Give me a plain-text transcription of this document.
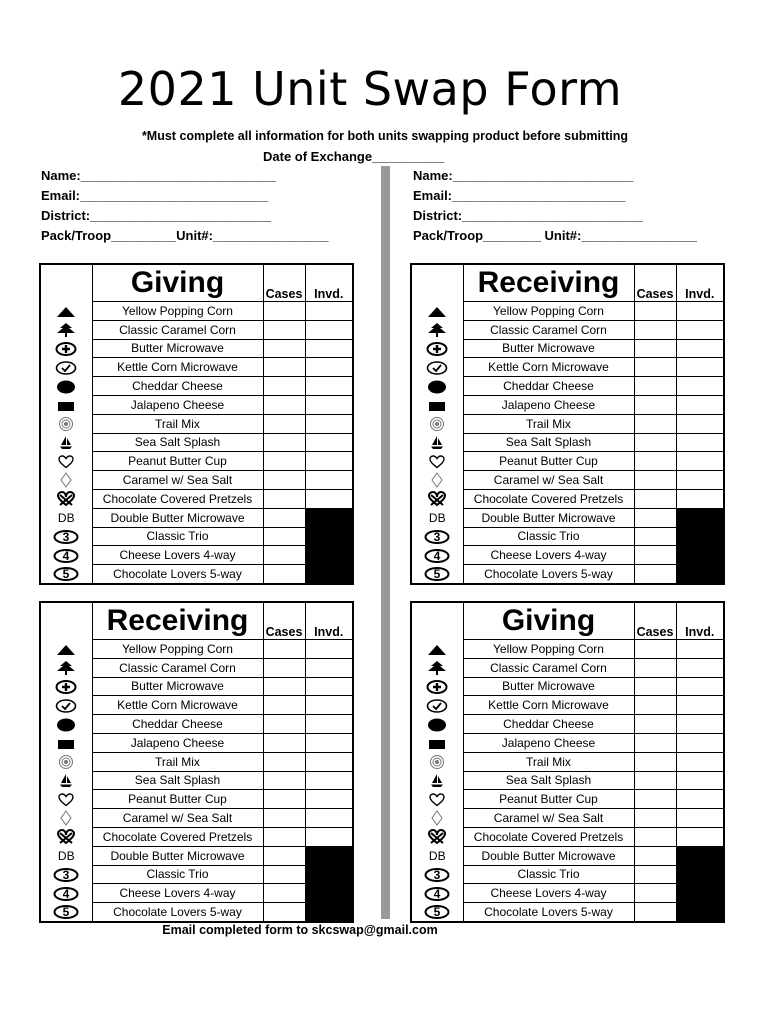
2021 Unit Swap Form
*Must complete all information for both units swapping product before submitting
Date of Exchange__________
Name:___________________________
Email:__________________________
District:_________________________
Pack/Troop_________Unit#:________________
Name:_________________________
Email:________________________
District:_________________________
Pack/Troop________ Unit#:________________
	Giving	Cases	Invd.
	Yellow Popping Corn		
	Classic Caramel Corn		
	Butter Microwave		
	Kettle Corn Microwave		
	Cheddar Cheese		
	Jalapeno Cheese		
	Trail Mix		
	Sea Salt Splash		
	Peanut Butter Cup		
	Caramel w/ Sea Salt		
	Chocolate Covered Pretzels		
DB	Double Butter Microwave		

3	Classic Trio		

4	Cheese Lovers 4-way		

5	Chocolate Lovers 5-way		
	Receiving	Cases	Invd.
	Yellow Popping Corn		
	Classic Caramel Corn		
	Butter Microwave		
	Kettle Corn Microwave		
	Cheddar Cheese		
	Jalapeno Cheese		
	Trail Mix		
	Sea Salt Splash		
	Peanut Butter Cup		
	Caramel w/ Sea Salt		
	Chocolate Covered Pretzels		
DB	Double Butter Microwave		

3	Classic Trio		

4	Cheese Lovers 4-way		

5	Chocolate Lovers 5-way		
	Receiving	Cases	Invd.
	Yellow Popping Corn		
	Classic Caramel Corn		
	Butter Microwave		
	Kettle Corn Microwave		
	Cheddar Cheese		
	Jalapeno Cheese		
	Trail Mix		
	Sea Salt Splash		
	Peanut Butter Cup		
	Caramel w/ Sea Salt		
	Chocolate Covered Pretzels		
DB	Double Butter Microwave		

3	Classic Trio		

4	Cheese Lovers 4-way		

5	Chocolate Lovers 5-way		
	Giving	Cases	Invd.
	Yellow Popping Corn		
	Classic Caramel Corn		
	Butter Microwave		
	Kettle Corn Microwave		
	Cheddar Cheese		
	Jalapeno Cheese		
	Trail Mix		
	Sea Salt Splash		
	Peanut Butter Cup		
	Caramel w/ Sea Salt		
	Chocolate Covered Pretzels		
DB	Double Butter Microwave		

3	Classic Trio		

4	Cheese Lovers 4-way		

5	Chocolate Lovers 5-way		
Email completed form to skcswap@gmail.com
